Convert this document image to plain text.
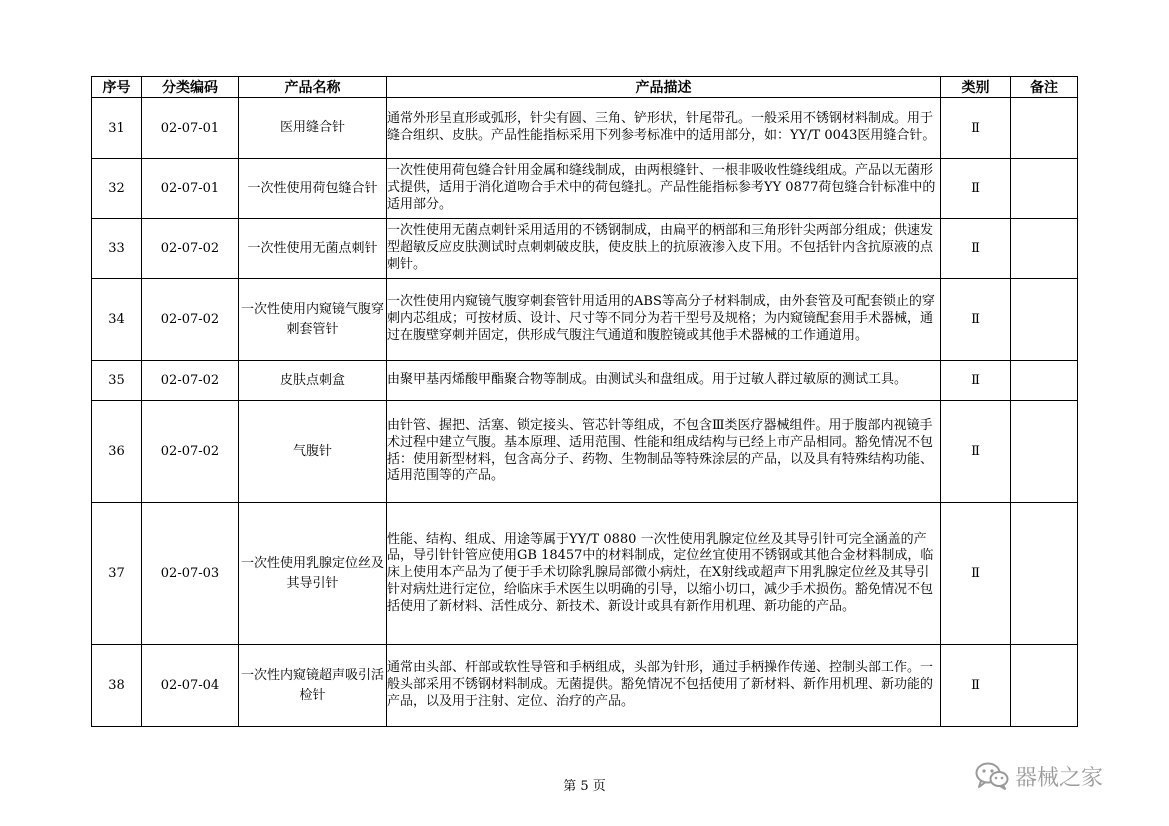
序号	分类编码	产品名称	产品描述	类别	备注
31	02-07-01	医用缝合针	通常外形呈直形或弧形，针尖有圆、三角、铲形状，针尾带孔。一般采用不锈钢材料制成。用于缝合组织、皮肤。产品性能指标采用下列参考标准中的适用部分，如：YY/T 0043医用缝合针。	Ⅱ	
32	02-07-01	一次性使用荷包缝合针	一次性使用荷包缝合针用金属和缝线制成，由两根缝针、一根非吸收性缝线组成。产品以无菌形式提供，适用于消化道吻合手术中的荷包缝扎。产品性能指标参考YY 0877荷包缝合针标准中的适用部分。	Ⅱ	
33	02-07-02	一次性使用无菌点刺针	一次性使用无菌点刺针采用适用的不锈钢制成，由扁平的柄部和三角形针尖两部分组成；供速发型超敏反应皮肤测试时点刺刺破皮肤，使皮肤上的抗原液渗入皮下用。不包括针内含抗原液的点刺针。	Ⅱ	
34	02-07-02	一次性使用内窥镜气腹穿刺套管针	一次性使用内窥镜气腹穿刺套管针用适用的ABS等高分子材料制成，由外套管及可配套锁止的穿刺内芯组成；可按材质、设计、尺寸等不同分为若干型号及规格；为内窥镜配套用手术器械，通过在腹壁穿刺并固定，供形成气腹注气通道和腹腔镜或其他手术器械的工作通道用。	Ⅱ	
35	02-07-02	皮肤点刺盒	由聚甲基丙烯酸甲酯聚合物等制成。由测试头和盘组成。用于过敏人群过敏原的测试工具。	Ⅱ	
36	02-07-02	气腹针	由针管、握把、活塞、锁定接头、管芯针等组成，不包含Ⅲ类医疗器械组件。用于腹部内视镜手术过程中建立气腹。基本原理、适用范围、性能和组成结构与已经上市产品相同。豁免情况不包括：使用新型材料，包含高分子、药物、生物制品等特殊涂层的产品，以及具有特殊结构功能、适用范围等的产品。	Ⅱ	
37	02-07-03	一次性使用乳腺定位丝及其导引针	性能、结构、组成、用途等属于YY/T 0880 一次性使用乳腺定位丝及其导引针可完全涵盖的产品，导引针针管应使用GB 18457中的材料制成，定位丝宜使用不锈钢或其他合金材料制成，临床上使用本产品为了便于手术切除乳腺局部微小病灶，在X射线或超声下用乳腺定位丝及其导引针对病灶进行定位，给临床手术医生以明确的引导，以缩小切口，减少手术损伤。豁免情况不包括使用了新材料、活性成分、新技术、新设计或具有新作用机理、新功能的产品。	Ⅱ	
38	02-07-04	一次性内窥镜超声吸引活检针	通常由头部、杆部或软性导管和手柄组成，头部为针形，通过手柄操作传递、控制头部工作。一般头部采用不锈钢材料制成。无菌提供。豁免情况不包括使用了新材料、新作用机理、新功能的产品，以及用于注射、定位、治疗的产品。	Ⅱ	
第 5 页	器械之家
